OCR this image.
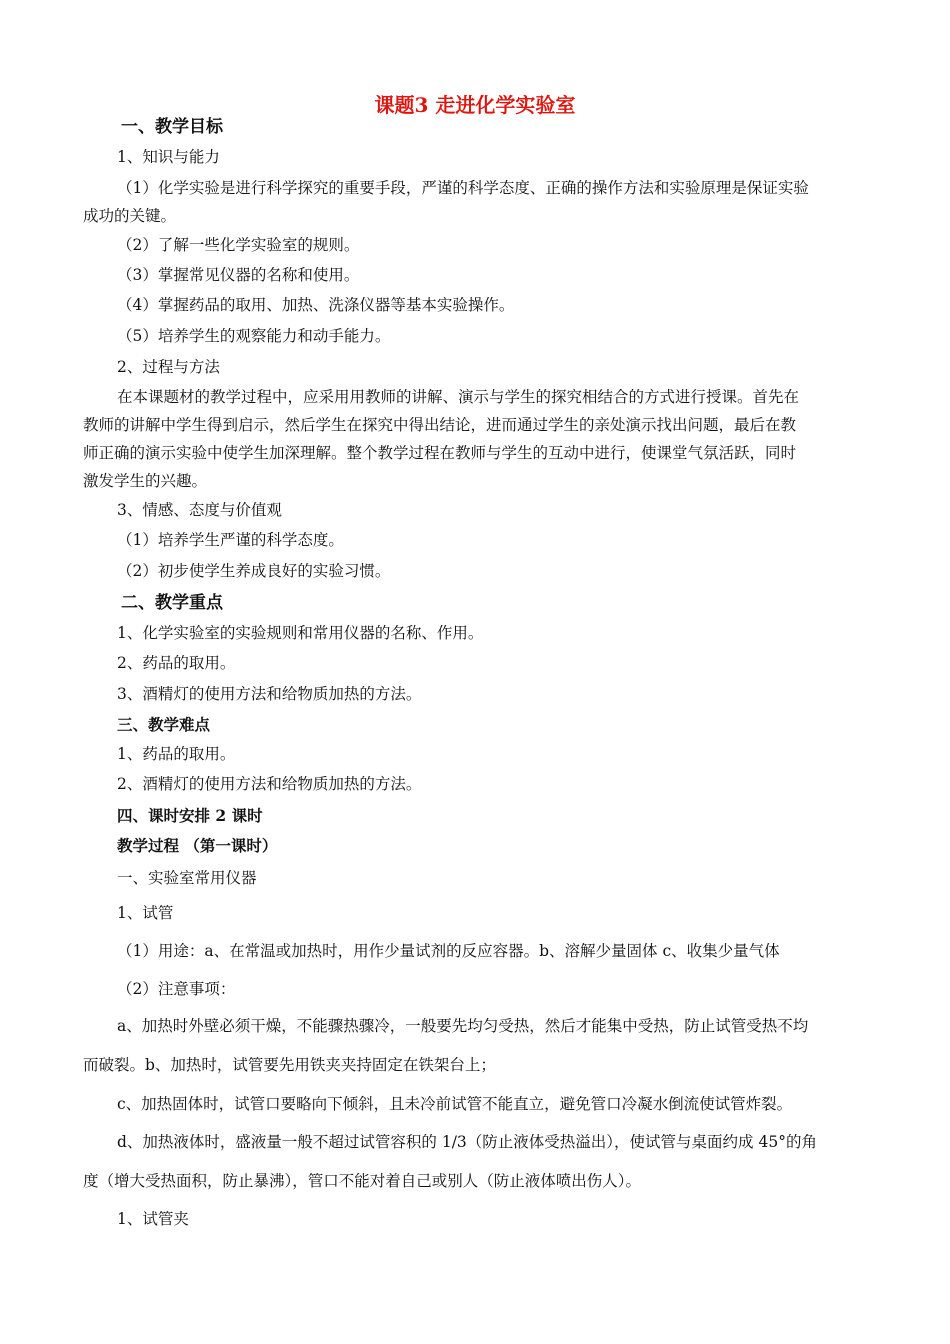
课题3 走进化学实验室
一、教学目标
1、知识与能力
（1）化学实验是进行科学探究的重要手段，严谨的科学态度、正确的操作方法和实验原理是保证实验
成功的关键。
（2）了解一些化学实验室的规则。
（3）掌握常见仪器的名称和使用。
（4）掌握药品的取用、加热、洗涤仪器等基本实验操作。
（5）培养学生的观察能力和动手能力。
2、过程与方法
在本课题材的教学过程中，应采用用教师的讲解、演示与学生的探究相结合的方式进行授课。首先在
教师的讲解中学生得到启示，然后学生在探究中得出结论，进而通过学生的亲处演示找出问题，最后在教
师正确的演示实验中使学生加深理解。整个教学过程在教师与学生的互动中进行，使课堂气氛活跃，同时
激发学生的兴趣。
3、情感、态度与价值观
（1）培养学生严谨的科学态度。
（2）初步使学生养成良好的实验习惯。
二、教学重点
1、化学实验室的实验规则和常用仪器的名称、作用。
2、药品的取用。
3、酒精灯的使用方法和给物质加热的方法。
三、教学难点
1、药品的取用。
2、酒精灯的使用方法和给物质加热的方法。
四、课时安排 2 课时
教学过程 （第一课时）
一、实验室常用仪器
1、试管
（1）用途：a、在常温或加热时，用作少量试剂的反应容器。b、溶解少量固体 c、收集少量气体
（2）注意事项：
a、加热时外壁必须干燥，不能骤热骤冷，一般要先均匀受热，然后才能集中受热，防止试管受热不均
而破裂。b、加热时，试管要先用铁夹夹持固定在铁架台上；
c、加热固体时，试管口要略向下倾斜，且未冷前试管不能直立，避免管口冷凝水倒流使试管炸裂。
d、加热液体时，盛液量一般不超过试管容积的 1/3（防止液体受热溢出），使试管与桌面约成 45°的角
度（增大受热面积，防止暴沸），管口不能对着自己或别人（防止液体喷出伤人）。
1、试管夹
